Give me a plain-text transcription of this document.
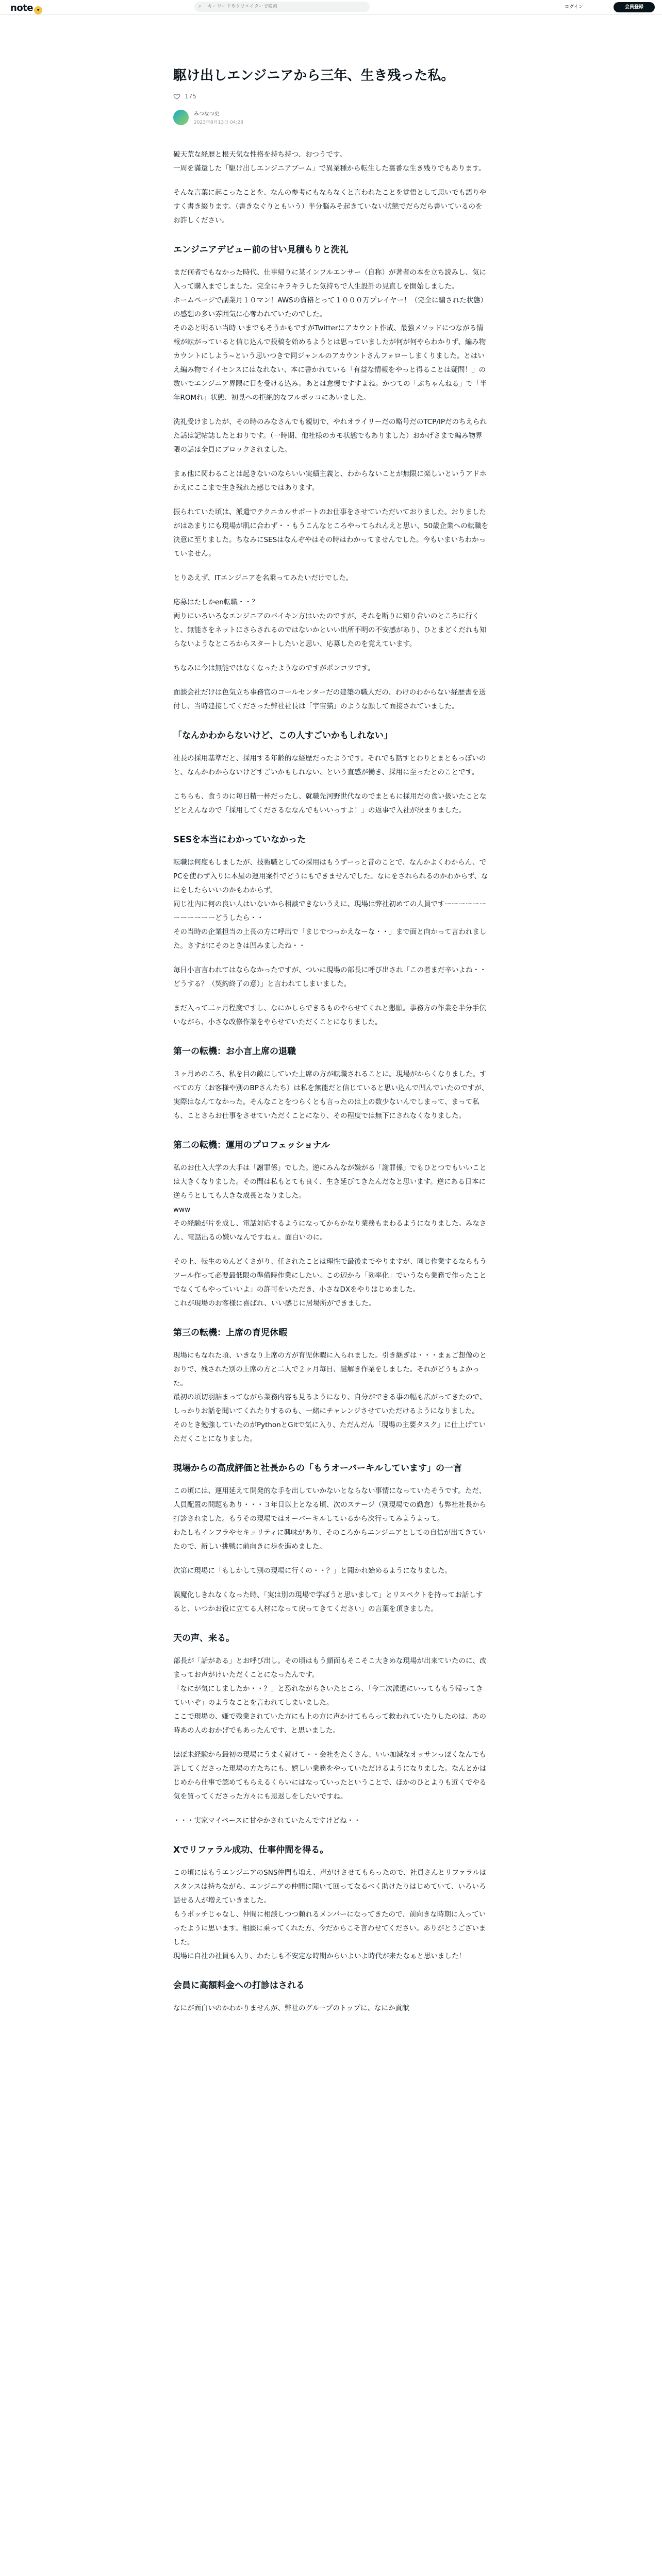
note •
⌕ キーワードやクリエイターで検索	ログイン	会員登録
駆け出しエンジニアから三年、生き残った私。
175
みつなつ史
2023年8月13日 04:28
破天荒な経歴と根天気な性格を持ち持つ、おつうです。
一周を滿還した「駆け出しエンジニアブーム」で異業種から転生した裏番な生き残りでもあります。
そんな言葉に起こったことを、なんの参考にもならなくと言われたことを覚悟として思いでも語りやすく書き綴ります。（書きなぐりともいう）半分脳みそ起きていない状態でだらだら書いているのをお許しください。
エンジニアデビュー前の甘い見積もりと洗礼
まだ何者でもなかった時代、仕事帰りに某インフルエンサー（自称）が著者の本を立ち読みし、気に入って購入までしました。完全にキラキラした気持ちで人生設計の見直しを開始しました。
ホームページで副業月１０マン！AWSの資格とって１０００万プレイヤー！（完全に騙された状態）の感想の多い雰囲気に心奪われていたのでした。
そのあと明るい当時 いまでもそうかもですがTwitterにアカウント作成、最強メソッドにつながる情報が転がっていると信じ込んで投稿を始めるようとは思っていましたが何が何やらわかりず、編み物カウントにしよう~という思いつきで同ジャンルのアカウントさんフォローしまくりました。とはいえ編み物でイイセンスにはなれない、本に書かれている「有益な情報をやっと得ることは疑問！」の数いでエンジニア界隈に目を受ける込み。あとは怠慢ですすよね。かつての「ぷちゃんねる」で「半年ROMれ」状態、初見への拒絶的なフルボッコにあいました。
洗礼受けましたが、その時のみなさんでも親切で、やれオライリーだの略号だのTCP/IPだのちえられた話は記帖誌したとおりです。（一時期、他社様のカモ状態でもありました）おかげさまで編み物界隈の話は全員にブロックされました。
まぁ他に関わることは起きないのならいい実績主義と、わからないことが無限に楽しいというアドホかえにここまで生き残れた感じではあります。
振られていた頃は、派遣でテクニカルサポートのお仕事をさせていただいておりました。おりましたがはあまりにも現場が肌に合わず・・もうこんなところやってられんえと思い、50歳企業への転職を決意に至りました。ちなみにSESはなんぞやはその時はわかってませんでした。今もいまいちわかっていません。
とりあえず、ITエンジニアを名乗ってみたいだけでした。
応募はたしかen転職・・？
両りにいろいろなエンジニアのバイキン方はいたのですが、それを断りに知り合いのところに行くと、無能さをネットにさらされるのではないかといい出所不明の不安感があり、ひとまどくだれも知らないようなところからスタートしたいと思い、応募したのを覚えています。
ちなみに今は無能ではなくなったようなのですがポンコツです。
面談会社だけは色気立ち事務官のコールセンターだの建築の職人だの、わけのわからない経歴書を送付し、当時建接してくださった弊社社長は「宇宙猫」のような顔して面接されていました。
「なんかわからないけど、この人すごいかもしれない」
社長の採用基準だと、採用する年齢的な経歴だったようです。それでも話すとわりとまともっぽいのと、なんかわからないけどすごいかもしれない、という直感が働き、採用に至ったとのことです。
こちらも、食うのに毎日精一杯だったし、就職先河野世代なのでまともに採用だの食い扱いたことなどとえんなので「採用してくださるななんでもいいっすよ！」の返事で入社が決まりました。
SESを本当にわかっていなかった
転職は何度もしましたが、技術職としての採用はもうずーっと昔のことで、なんかよくわからん、でPCを使わず入りに本屋の運用案件でどうにもできませんでした。なにをされられるのかわからず、なにをしたらいいのかもわからず。
同じ社内に何の良い人はいないから相談できないうえに、現場は弊社初めての人員ですーーーーーーーーーーーーどうしたら・・
その当時の企業担当の上長の方に呼出で「まじでつっかえなーな・・」まで面と向かって言われました。さすがにそのときは凹みましたね・・
毎日小言言われてはならなかったですが、ついに現場の部長に呼び出され「この者まだ辛いよね・・どうする？（契約終了の意）」と言われてしまいました。
まだ入って二ヶ月程度ですし、なにかしらできるものやらせてくれと懇願。事務方の作業を半分手伝いながら、小さな改修作業をやらせていただくことになりました。
第一の転機：お小言上席の退職
３ヶ月めのころ、私を目の敵にしていた上席の方が転職されることに。現場がからくなりました。すべての方（お客様や別のBPさんたち）は私を無能だと信じていると思い込んで凹んでいたのですが、実際はなんてなかった。そんなことをつらくとも言ったのは上の数少ないんでしまって、まって私も、ことさらお仕事をさせていただくことになり、その程度では無下にされなくなりました。
第二の転機：運用のプロフェッショナル
私のお仕入大学の大手は「謝罪係」でした。逆にみんなが嫌がる「謝罪係」でもひとつでもいいことは大きくなりました。その間は私もとても良く、生き延びてきたんだなと思います。逆にある日本に逆らうとしても大きな成長となりました。
www
その経験が片を成し、電話対応するようになってからかなり業務もまわるようになりました。みなさん、電話出るの嫌いなんですねぇ。面白いのに。
その上、転生のめんどくさがり、任されたことは理性で最後までやりますが、同じ作業するならもうツール作って必要最低限の準備時作業にしたい。この辺から「効率化」でいうなら業務で作ったことでなくてもやっていいよ」の許可をいただき、小さなDXをやりはじめました。
これが現場のお客様に喜ばれ、いい感じに居場所ができました。
第三の転機：上席の育児休暇
現場にもなれた頃、いきなり上席の方が育児休暇に入られました。引き継ぎは・・・まぁご想像のとおりで、残された別の上席の方と二人で２ヶ月毎日、謎解き作業をしました。それがどうもよかった。
最初の頃切羽詰まってながら業務内容も見るようになり、自分ができる事の幅も広がってきたので、しっかりお話を聞いてくれたりするのも、一緒にチャレンジさせていただけるようになりました。
そのとき勉強していたのがPythonとGitで気に入り、ただんだん「現場の主要タスク」に仕上げていただくことになりました。
現場からの高成評価と社長からの「もうオーバーキルしています」の一言
この頃には、運用延えて開発的な手を出していかないとならない事情になっていたそうです。ただ、人員配置の問題もあり・・・３年目以上となる頃、次のステージ（別現場での勤怠）も弊社社長から打診されました。もうその現場ではオーバーキルしているから次行ってみようよって。
わたしもインフラやセキュリティに興味があり、そのころからエンジニアとしての自信が出てきていたので、新しい挑戦に前向きに歩を進めました。
次第に現場に「もしかして別の現場に行くの・・？」と聞かれ始めるようになりました。
誤魔化しきれなくなった時、「実は別の現場で学ぼうと思いまして」とリスペクトを持ってお話しすると、いつかお役に立てる人材になって戻ってきてください」の言葉を頂きました。
天の声、来る。
部長が「話がある」とお呼び出し。その頃はもう顔面もそこそこ大きめな現場が出来ていたのに、改まってお声がけいただくことになったんです。
「なにが気にしましたか・・？」と恐れながらきいたところ、「今二次派遣にいってももう帰ってきていいぞ」のようなことを言われてしまいました。
ここで現場の、嫌で残業されていた方にも上の方に声かけてもらって救われていたりしたのは、あの時あの人のおかげでもあったんです、と思いました。
ほぼ未経験から最初の現場にうまく就けて・・会社をたくさん、いい加減なオッサンっぽくなんでも許してくださった現場の方たちにも、嬉しい業務をやっていただけるようになりました。なんとかはじめから仕事で認めてもらえるくらいにはなっていったということで、ほかのひとよりも近くでやる気を買ってくださった方々にも恩返しをしたいですね。
・・・実家マイペースに甘やかされていたんですけどね・・
Xでリファラル成功、仕事仲間を得る。
この頃にはもうエンジニアのSNS仲間も増え、声がけさせてもらったので、社員さんとリファラルはスタンスは持ちながら、エンジニアの仲間に聞いて回ってなるべく助けたりはじめていて、いろいろ話せる人が増えていきました。
もうポッチじゃなし、仲間に相談しつつ頼れるメンバーになってきたので、前向きな時期に入っていったように思います。相談に乗ってくれた方、今だからこそ言わせてください。ありがとうございました。
現場に自社の社員も入り、わたしも不安定な時期からいよいよ時代が来たなぁと思いました！
会員に高額料金への打診はされる
なにが面白いのかわかりませんが、弊社のグループのトップに、なにか貢献
